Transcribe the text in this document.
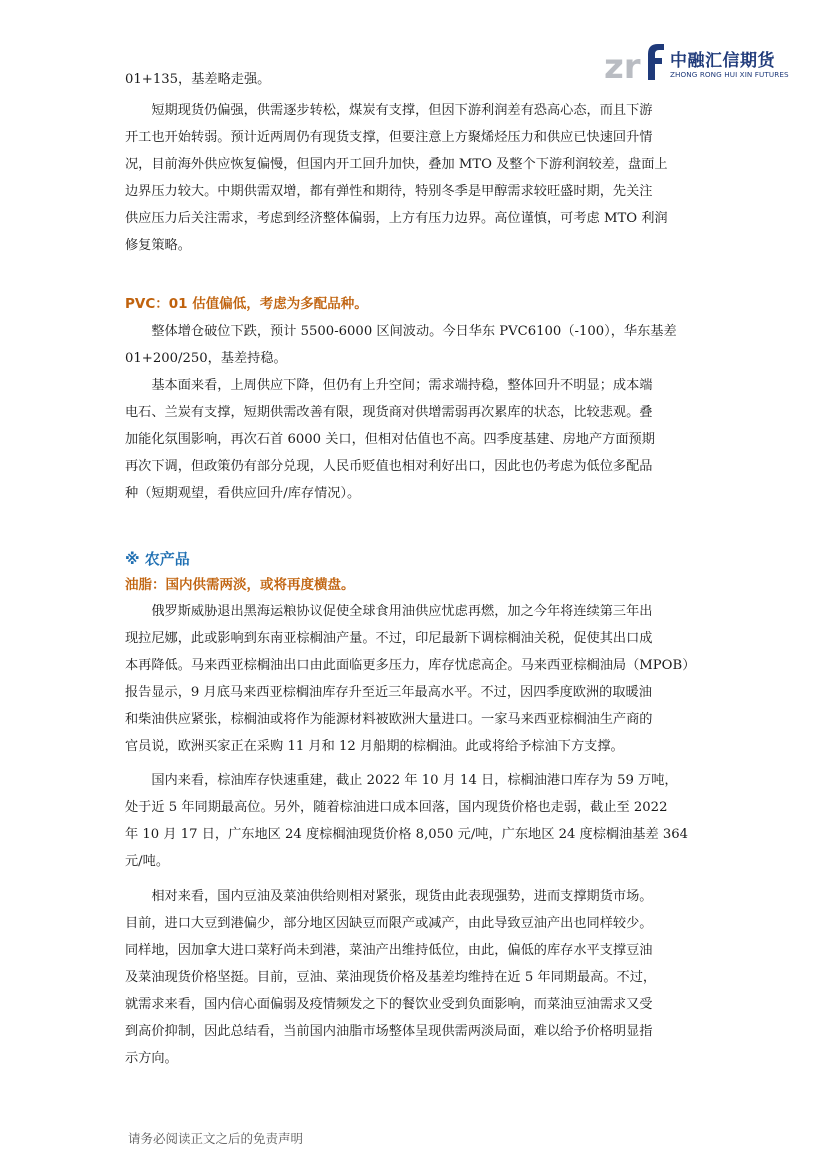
zr 中融汇信期货
ZHONG RONG HUI XIN FUTURES
01+135，基差略走强。
　　短期现货仍偏强，供需逐步转松，煤炭有支撑，但因下游利润差有恐高心态，而且下游
开工也开始转弱。预计近两周仍有现货支撑，但要注意上方聚烯烃压力和供应已快速回升情
况，目前海外供应恢复偏慢，但国内开工回升加快，叠加 MTO 及整个下游利润较差，盘面上
边界压力较大。中期供需双增，都有弹性和期待，特别冬季是甲醇需求较旺盛时期，先关注
供应压力后关注需求，考虑到经济整体偏弱，上方有压力边界。高位谨慎，可考虑 MTO 利润
修复策略。
PVC：01 估值偏低，考虑为多配品种。
　　整体增仓破位下跌，预计 5500-6000 区间波动。今日华东 PVC6100（-100），华东基差
01+200/250，基差持稳。
　　基本面来看，上周供应下降，但仍有上升空间；需求端持稳，整体回升不明显；成本端
电石、兰炭有支撑，短期供需改善有限，现货商对供增需弱再次累库的状态，比较悲观。叠
加能化氛围影响，再次石首 6000 关口，但相对估值也不高。四季度基建、房地产方面预期
再次下调，但政策仍有部分兑现，人民币贬值也相对利好出口，因此也仍考虑为低位多配品
种（短期观望，看供应回升/库存情况）。
※ 农产品
油脂：国内供需两淡，或将再度横盘。
　　俄罗斯威胁退出黑海运粮协议促使全球食用油供应忧虑再燃，加之今年将连续第三年出
现拉尼娜，此或影响到东南亚棕榈油产量。不过，印尼最新下调棕榈油关税，促使其出口成
本再降低。马来西亚棕榈油出口由此面临更多压力，库存忧虑高企。马来西亚棕榈油局（MPOB）
报告显示，9 月底马来西亚棕榈油库存升至近三年最高水平。不过，因四季度欧洲的取暖油
和柴油供应紧张，棕榈油或将作为能源材料被欧洲大量进口。一家马来西亚棕榈油生产商的
官员说，欧洲买家正在采购 11 月和 12 月船期的棕榈油。此或将给予棕油下方支撑。
　　国内来看，棕油库存快速重建，截止 2022 年 10 月 14 日，棕榈油港口库存为 59 万吨，
处于近 5 年同期最高位。另外，随着棕油进口成本回落，国内现货价格也走弱，截止至 2022
年 10 月 17 日，广东地区 24 度棕榈油现货价格 8,050 元/吨，广东地区 24 度棕榈油基差 364
元/吨。
　　相对来看，国内豆油及菜油供给则相对紧张，现货由此表现强势，进而支撑期货市场。
目前，进口大豆到港偏少，部分地区因缺豆而限产或减产，由此导致豆油产出也同样较少。
同样地，因加拿大进口菜籽尚未到港，菜油产出维持低位，由此，偏低的库存水平支撑豆油
及菜油现货价格坚挺。目前，豆油、菜油现货价格及基差均维持在近 5 年同期最高。不过，
就需求来看，国内信心面偏弱及疫情频发之下的餐饮业受到负面影响，而菜油豆油需求又受
到高价抑制，因此总结看，当前国内油脂市场整体呈现供需两淡局面，难以给予价格明显指
示方向。
请务必阅读正文之后的免责声明
